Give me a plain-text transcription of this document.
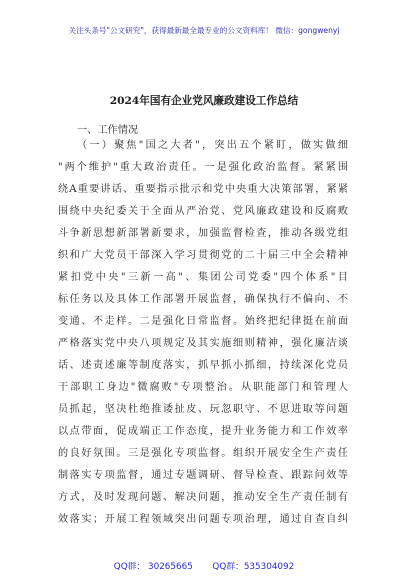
关注头条号"公文研究"，获得最新最全最专业的公文资料库！ 微信：gongwenyj
2024年国有企业党风廉政建设工作总结
一、工作情况
（一）聚焦"国之大者"，突出五个紧盯，做实做细
"两个维护"重大政治责任。一是强化政治监督。紧紧围
绕A重要讲话、重要指示批示和党中央重大决策部署，紧紧
围绕中央纪委关于全面从严治党、党风廉政建设和反腐败
斗争新思想新部署新要求，加强监督检查，推动各级党组
织和广大党员干部深入学习贯彻党的二十届三中全会精神
紧扣党中央"三新一高"、集团公司党委"四个体系"目
标任务以及具体工作部署开展监督，确保执行不偏向、不
变通、不走样。二是强化日常监督。始终把纪律挺在前面
严格落实党中央八项规定及其实施细则精神，强化廉洁谈
话、述责述廉等制度落实，抓早抓小抓细，持续深化党员
干部职工身边"微腐败"专项整治。从职能部门和管理人
员抓起，坚决杜绝推诿扯皮、玩忽职守、不思进取等问题
以点带面，促成端正工作态度，提升业务能力和工作效率
的良好氛围。三是强化专项监督。组织开展安全生产责任
制落实专项监督，通过专题调研、督导检查、跟踪问效等
方式，及时发现问题、解决问题，推动安全生产责任制有
效落实；开展工程领域突出问题专项治理，通过自查自纠
QQ群： 30265665 QQ群：535304092
